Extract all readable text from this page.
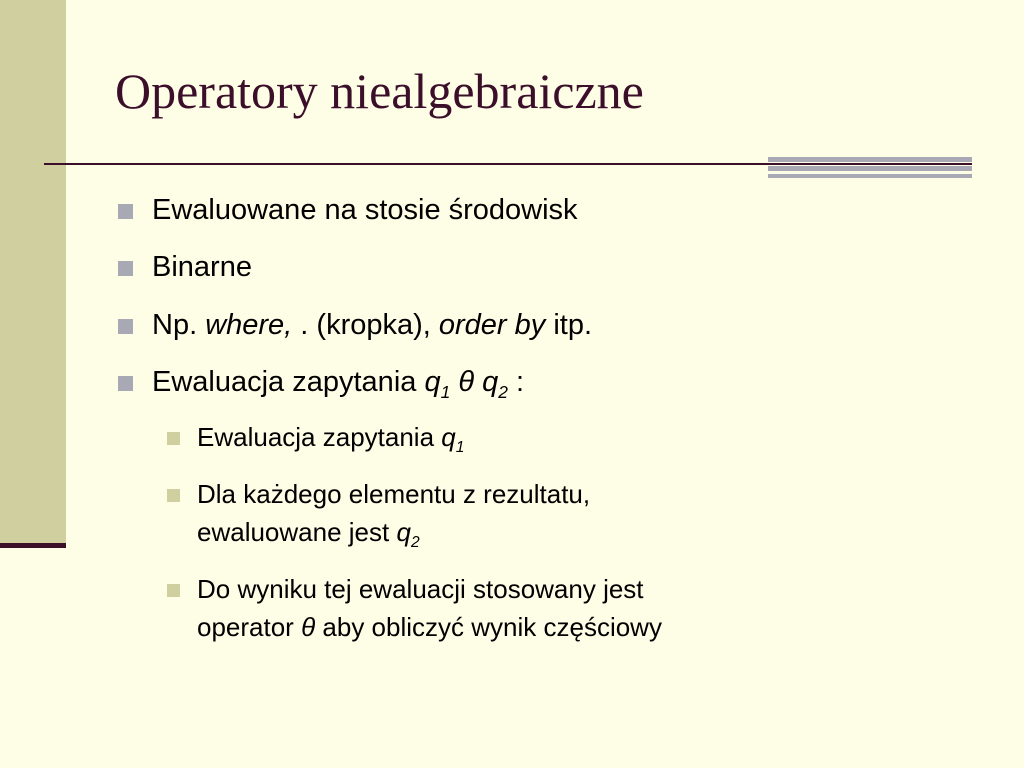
Operatory niealgebraiczne
Ewaluowane na stosie środowisk
Binarne
Np. where, . (kropka), order by itp.
Ewaluacja zapytania $q_1$ θ $q_2$ :
Ewaluacja zapytania $q_1$
Dla każdego elementu z rezultatu,
ewaluowane jest $q_2$
Do wyniku tej ewaluacji stosowany jest
operator θ aby obliczyć wynik częściowy
